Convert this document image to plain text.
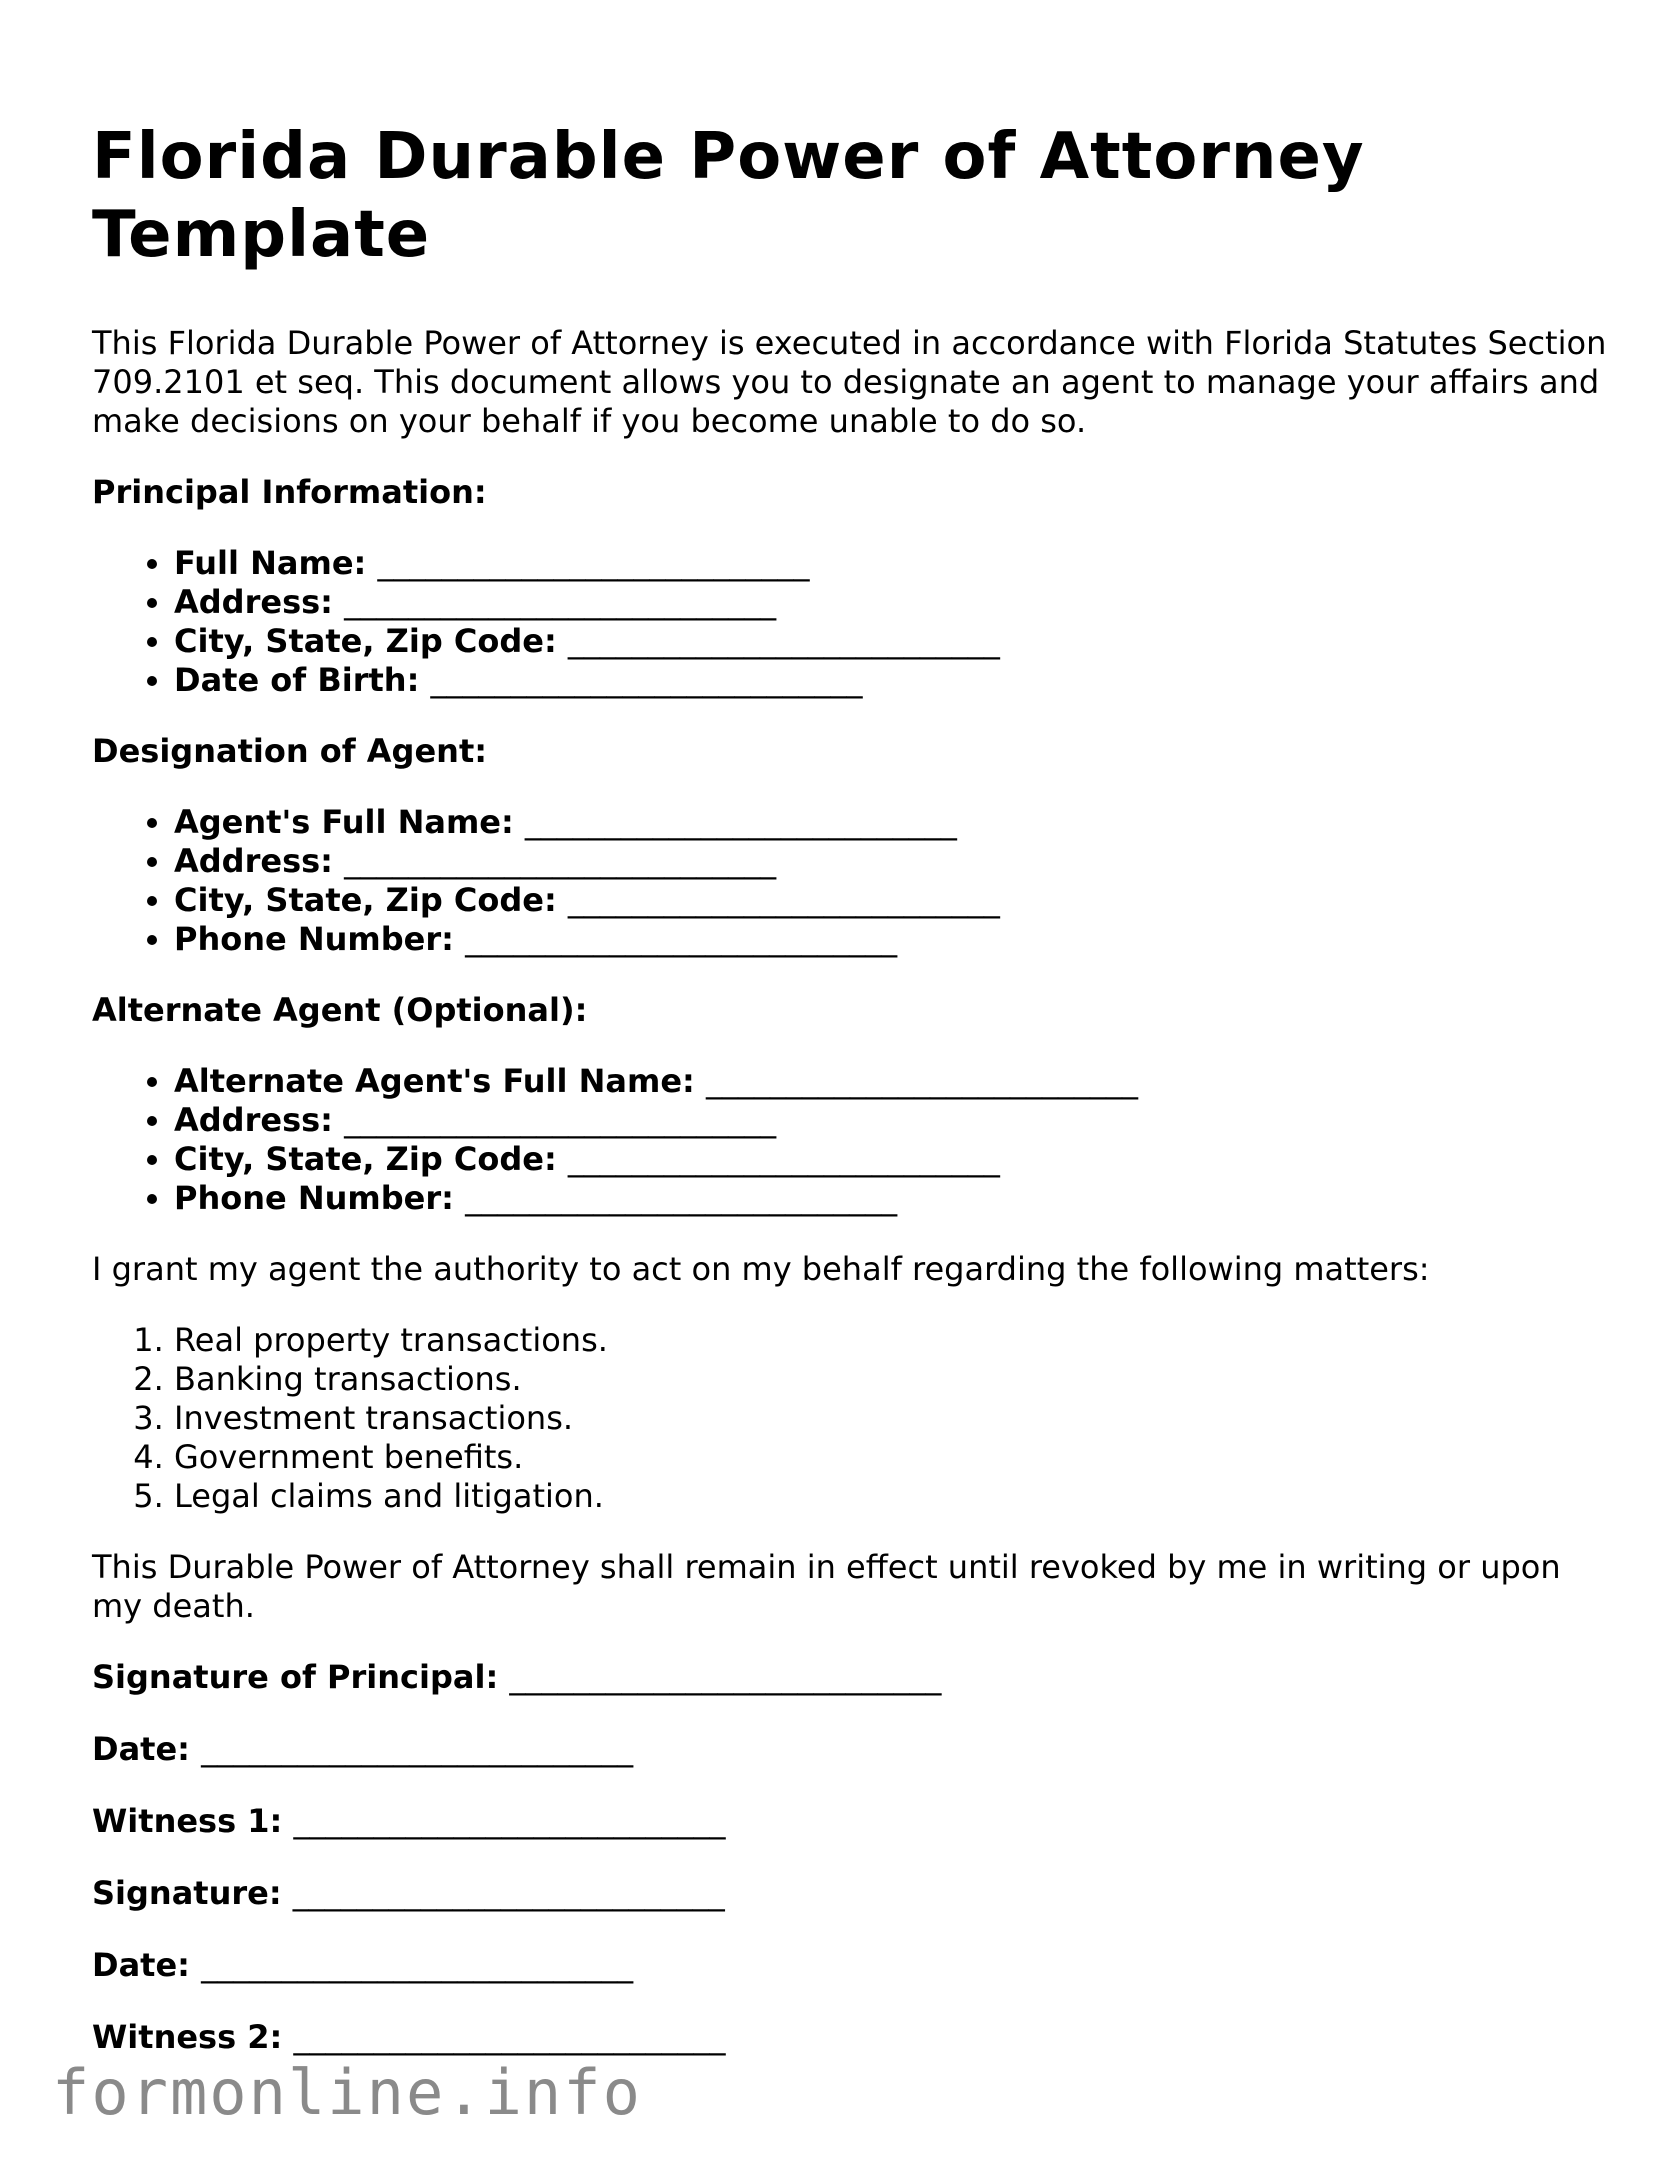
Florida Durable Power of Attorney Template

This Florida Durable Power of Attorney is executed in accordance with Florida Statutes Section 709.2101 et seq. This document allows you to designate an agent to manage your affairs and make decisions on your behalf if you become unable to do so.

Principal Information:
• Full Name: ___________________________
• Address: ___________________________
• City, State, Zip Code: ___________________________
• Date of Birth: ___________________________
Designation of Agent:
• Agent's Full Name: ___________________________
• Address: ___________________________
• City, State, Zip Code: ___________________________
• Phone Number: ___________________________
Alternate Agent (Optional):
• Alternate Agent's Full Name: ___________________________
• Address: ___________________________
• City, State, Zip Code: ___________________________
• Phone Number: ___________________________

I grant my agent the authority to act on my behalf regarding the following matters:

1. Real property transactions.
2. Banking transactions.
3. Investment transactions.
4. Government benefits.
5. Legal claims and litigation.

This Durable Power of Attorney shall remain in effect until revoked by me in writing or upon my death.

Signature of Principal: ___________________________
Date: ___________________________
Witness 1: ___________________________
Signature: ___________________________
Date: ___________________________
Witness 2: ___________________________
formonline.info
